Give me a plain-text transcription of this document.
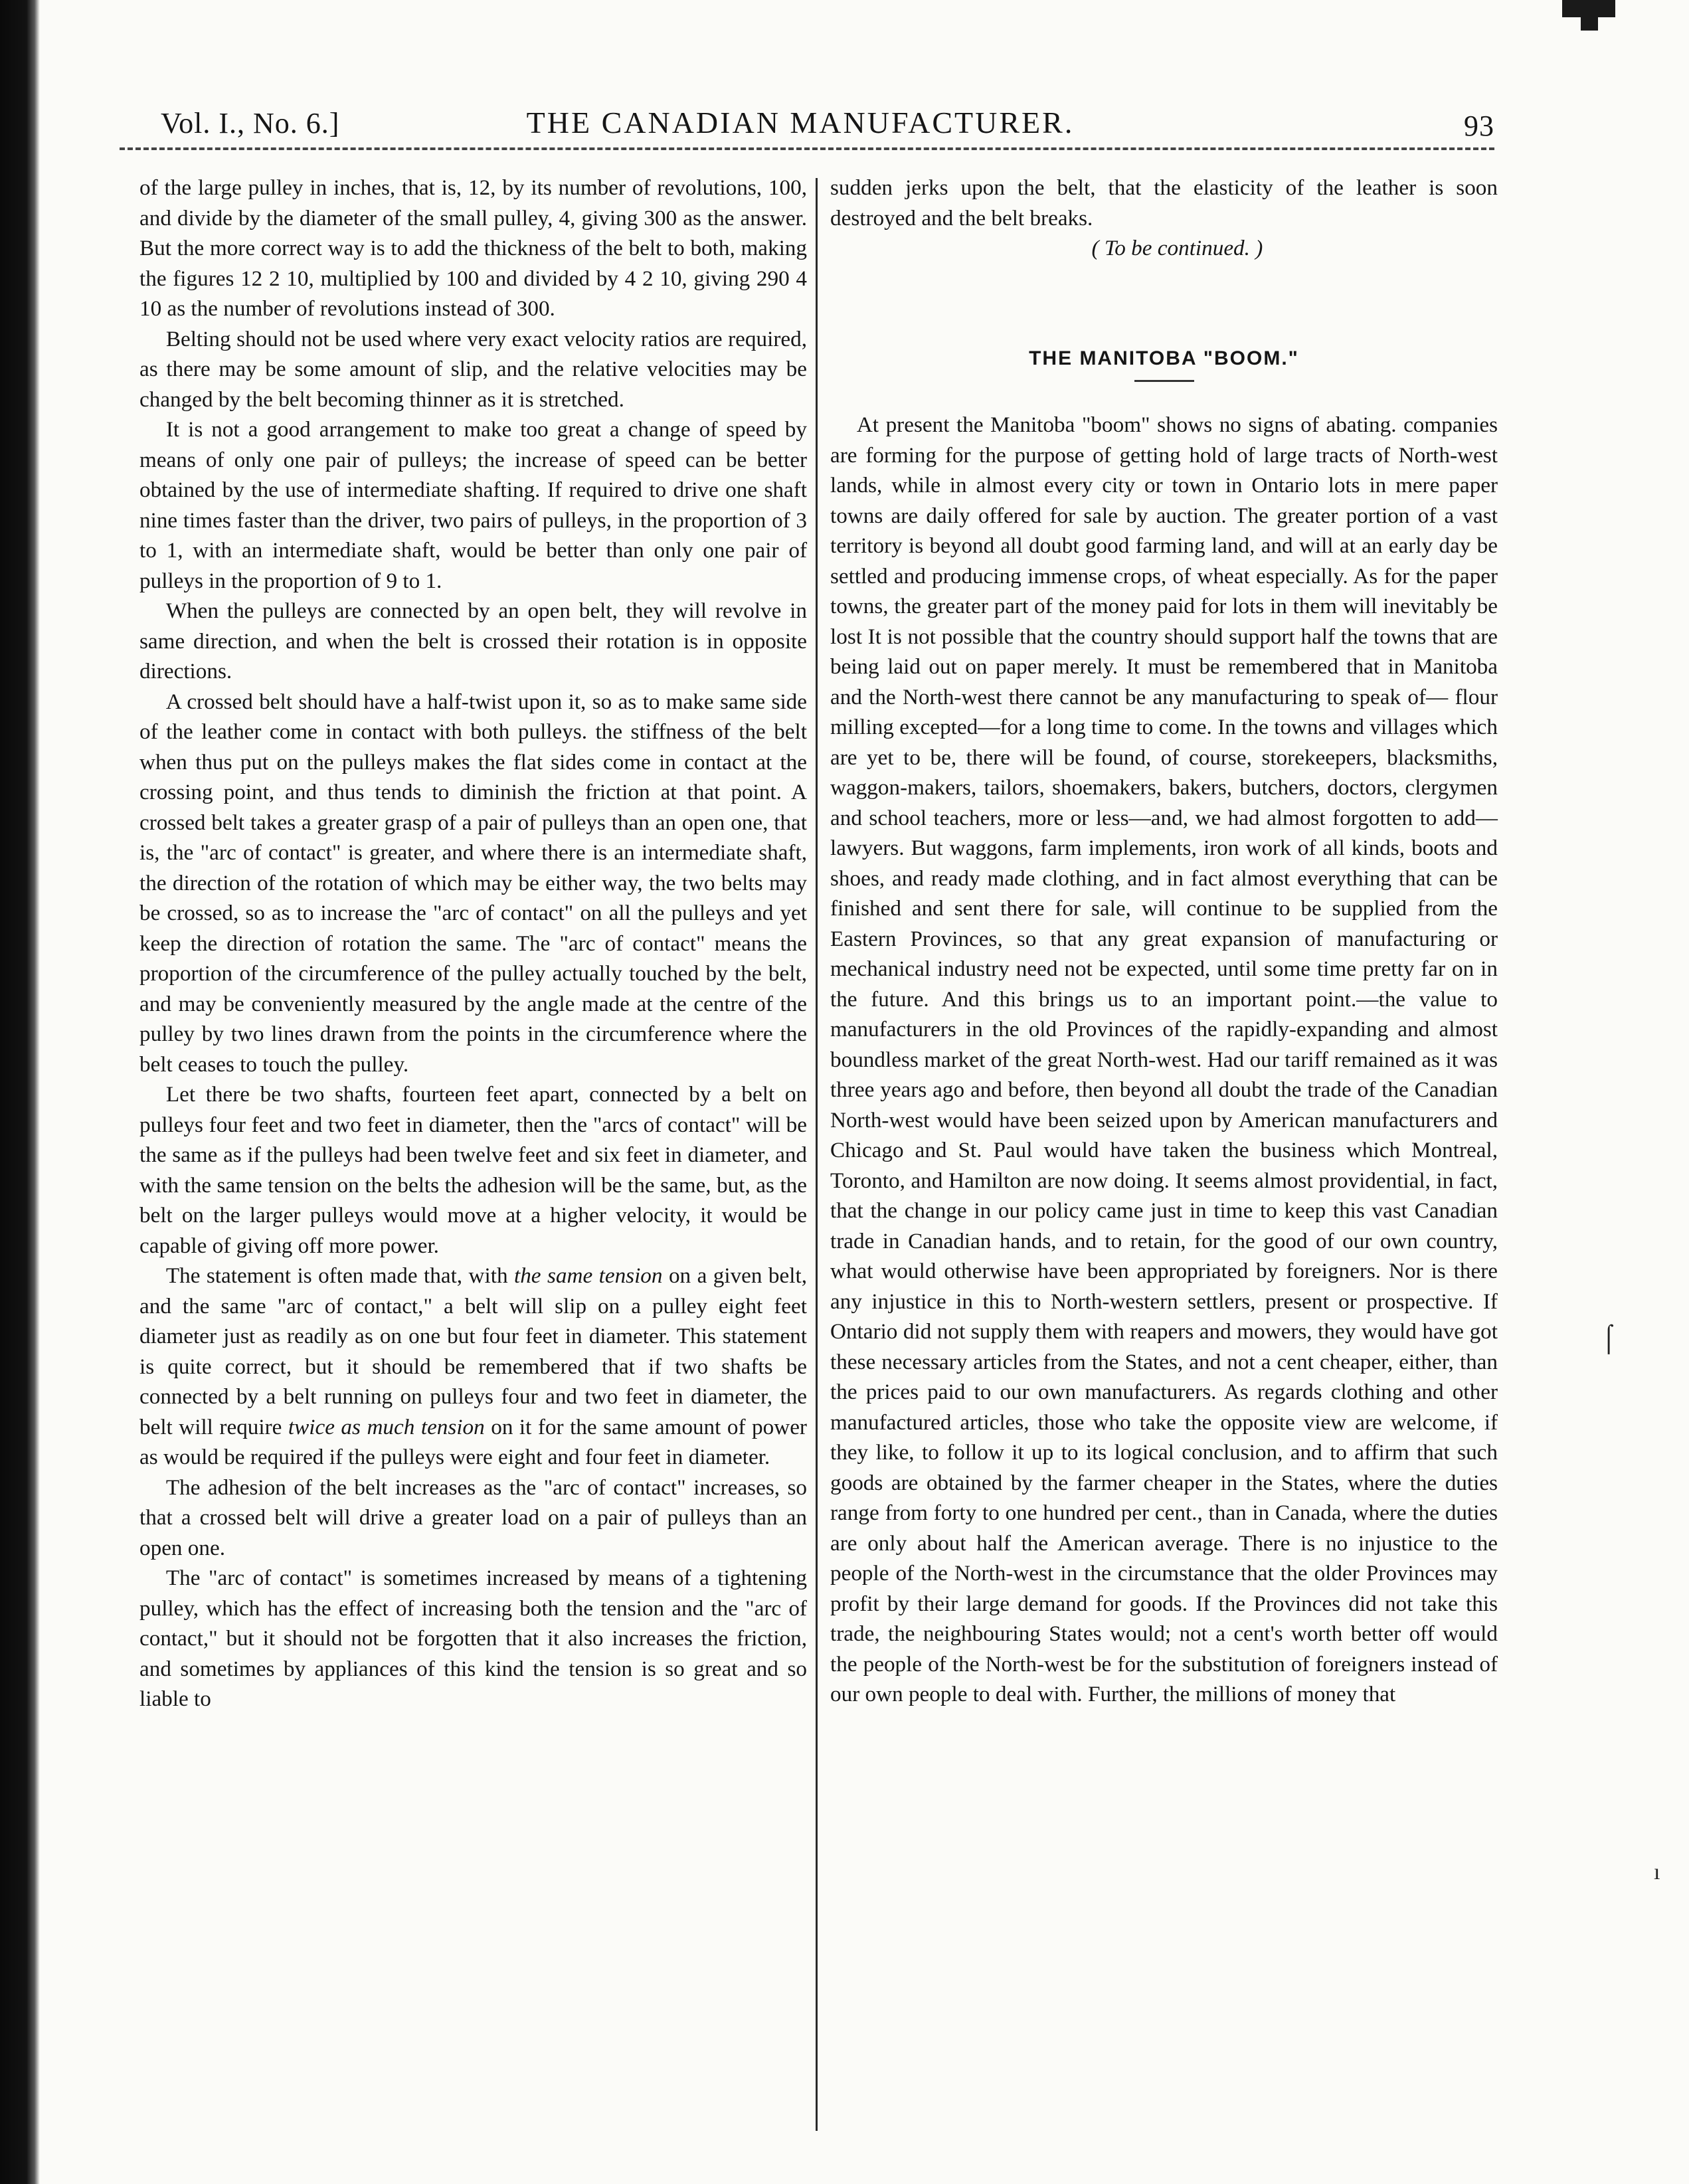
Vol. I., No. 6.]	THE CANADIAN MANUFACTURER.	93

of the large pulley in inches, that is, 12, by its number of revolutions, 100, and divide by the diameter of the small pulley, 4, giving 300 as the answer. But the more correct way is to add the thickness of the belt to both, making the figures 12 2 10, multiplied by 100 and divided by 4 2 10, giving 290 4 10 as the number of revolutions instead of 300.

Belting should not be used where very exact velocity ratios are required, as there may be some amount of slip, and the relative velocities may be changed by the belt becoming thinner as it is stretched.

It is not a good arrangement to make too great a change of speed by means of only one pair of pulleys; the increase of speed can be better obtained by the use of intermediate shafting. If required to drive one shaft nine times faster than the driver, two pairs of pulleys, in the proportion of 3 to 1, with an intermediate shaft, would be better than only one pair of pulleys in the proportion of 9 to 1.

When the pulleys are connected by an open belt, they will revolve in same direction, and when the belt is crossed their rotation is in opposite directions.

A crossed belt should have a half-twist upon it, so as to make same side of the leather come in contact with both pulleys. the stiffness of the belt when thus put on the pulleys makes the flat sides come in contact at the crossing point, and thus tends to diminish the friction at that point. A crossed belt takes a greater grasp of a pair of pulleys than an open one, that is, the "arc of contact" is greater, and where there is an intermediate shaft, the direction of the rotation of which may be either way, the two belts may be crossed, so as to increase the "arc of contact" on all the pulleys and yet keep the direction of rotation the same. The "arc of contact" means the proportion of the circumference of the pulley actually touched by the belt, and may be conveniently measured by the angle made at the centre of the pulley by two lines drawn from the points in the circumference where the belt ceases to touch the pulley.

Let there be two shafts, fourteen feet apart, connected by a belt on pulleys four feet and two feet in diameter, then the "arcs of contact" will be the same as if the pulleys had been twelve feet and six feet in diameter, and with the same tension on the belts the adhesion will be the same, but, as the belt on the larger pulleys would move at a higher velocity, it would be capable of giving off more power.

The statement is often made that, with the same tension on a given belt, and the same "arc of contact," a belt will slip on a pulley eight feet diameter just as readily as on one but four feet in diameter. This statement is quite correct, but it should be remembered that if two shafts be connected by a belt running on pulleys four and two feet in diameter, the belt will require twice as much tension on it for the same amount of power as would be required if the pulleys were eight and four feet in diameter.

The adhesion of the belt increases as the "arc of contact" increases, so that a crossed belt will drive a greater load on a pair of pulleys than an open one.

The "arc of contact" is sometimes increased by means of a tightening pulley, which has the effect of increasing both the tension and the "arc of contact," but it should not be forgotten that it also increases the friction, and sometimes by appliances of this kind the tension is so great and so liable to

sudden jerks upon the belt, that the elasticity of the leather is soon destroyed and the belt breaks.

( To be continued. )

THE MANITOBA "BOOM."

At present the Manitoba "boom" shows no signs of abating. companies are forming for the purpose of getting hold of large tracts of North-west lands, while in almost every city or town in Ontario lots in mere paper towns are daily offered for sale by auction. The greater portion of a vast territory is beyond all doubt good farming land, and will at an early day be settled and producing immense crops, of wheat especially. As for the paper towns, the greater part of the money paid for lots in them will inevitably be lost It is not possible that the country should support half the towns that are being laid out on paper merely. It must be remembered that in Manitoba and the North-west there cannot be any manufacturing to speak of— flour milling excepted—for a long time to come. In the towns and villages which are yet to be, there will be found, of course, storekeepers, blacksmiths, waggon-makers, tailors, shoemakers, bakers, butchers, doctors, clergymen and school teachers, more or less—and, we had almost forgotten to add—lawyers. But waggons, farm implements, iron work of all kinds, boots and shoes, and ready made clothing, and in fact almost everything that can be finished and sent there for sale, will continue to be supplied from the Eastern Provinces, so that any great expansion of manufacturing or mechanical industry need not be expected, until some time pretty far on in the future. And this brings us to an important point.—the value to manufacturers in the old Provinces of the rapidly-expanding and almost boundless market of the great North-west. Had our tariff remained as it was three years ago and before, then beyond all doubt the trade of the Canadian North-west would have been seized upon by American manufacturers and Chicago and St. Paul would have taken the business which Montreal, Toronto, and Hamilton are now doing. It seems almost providential, in fact, that the change in our policy came just in time to keep this vast Canadian trade in Canadian hands, and to retain, for the good of our own country, what would otherwise have been appropriated by foreigners. Nor is there any injustice in this to North-western settlers, present or prospective. If Ontario did not supply them with reapers and mowers, they would have got these necessary articles from the States, and not a cent cheaper, either, than the prices paid to our own manufacturers. As regards clothing and other manufactured articles, those who take the opposite view are welcome, if they like, to follow it up to its logical conclusion, and to affirm that such goods are obtained by the farmer cheaper in the States, where the duties range from forty to one hundred per cent., than in Canada, where the duties are only about half the American average. There is no injustice to the people of the North-west in the circumstance that the older Provinces may profit by their large demand for goods. If the Provinces did not take this trade, the neighbouring States would; not a cent's worth better off would the people of the North-west be for the substitution of foreigners instead of our own people to deal with. Further, the millions of money that

⌠
ı
